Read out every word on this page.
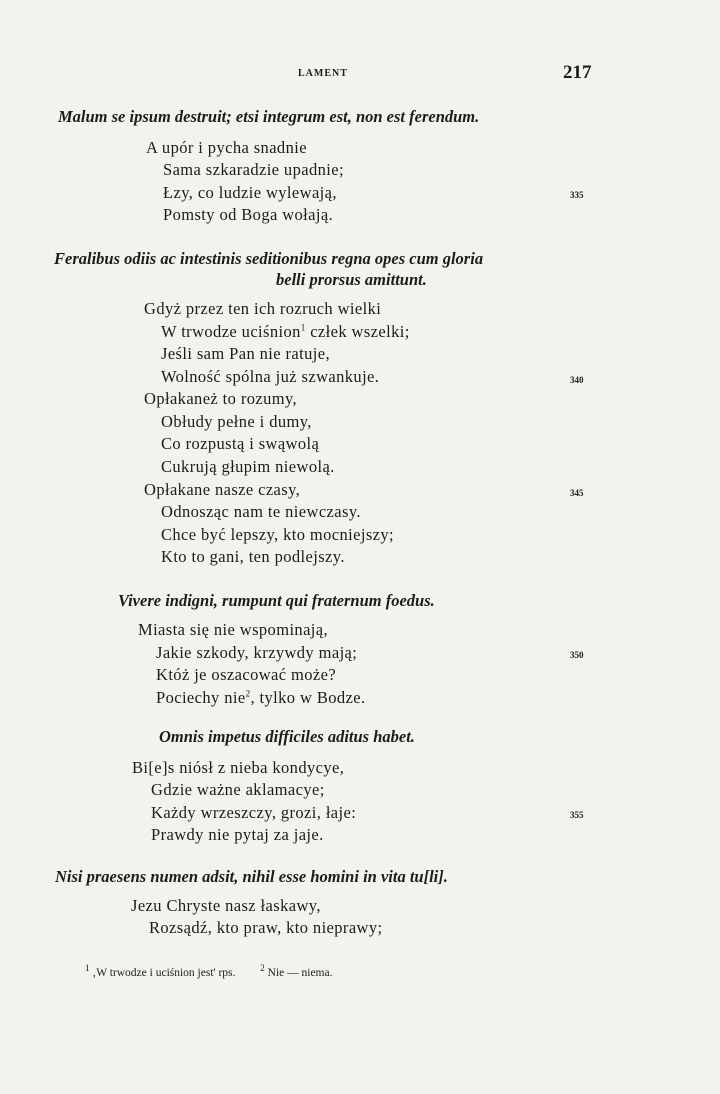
LAMENT	217
Malum se ipsum destruit; etsi integrum est, non est ferendum.
A upór i pycha snadnie
Sama szkaradzie upadnie;
Łzy, co ludzie wylewają,	335
Pomsty od Boga wołają.
Feralibus odiis ac intestinis seditionibus regna opes cum gloria
belli prorsus amittunt.
Gdyż przez ten ich rozruch wielki
W trwodze uciśnion$^1$ człek wszelki;
Jeśli sam Pan nie ratuje,
Wolność spólna już szwankuje.	340
Opłakaneż to rozumy,
Obłudy pełne i dumy,
Co rozpustą i swąwolą
Cukrują głupim niewolą.
Opłakane nasze czasy,	345
Odnosząc nam te niewczasy.
Chce być lepszy, kto mocniejszy;
Kto to gani, ten podlejszy.
Vivere indigni, rumpunt qui fraternum foedus.
Miasta się nie wspominają,
Jakie szkody, krzywdy mają;	350
Któż je oszacować może?
Pociechy nie$^2$, tylko w Bodze.
Omnis impetus difficiles aditus habet.
Bi[e]s niósł z nieba kondycye,
Gdzie ważne aklamacye;
Każdy wrzeszczy, grozi, łaje:	355
Prawdy nie pytaj za jaje.
Nisi praesens numen adsit, nihil esse homini in vita tu[li].
Jezu Chryste nasz łaskawy,
Rozsądź, kto praw, kto nieprawy;
$^1$ ‚W trwodze i uciśnion jest' rps.	$^2$ Nie — niema.
